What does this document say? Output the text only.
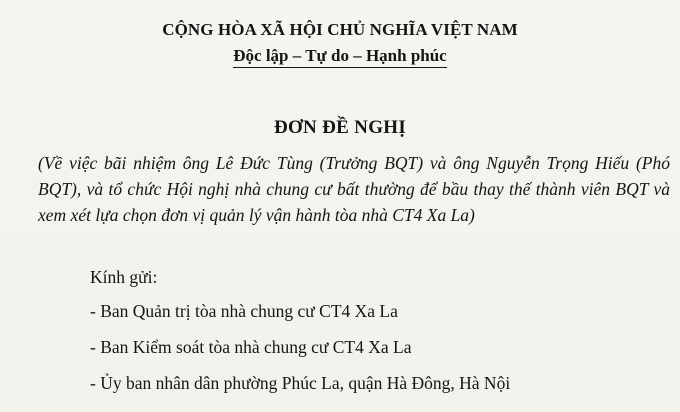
CỘNG HÒA XÃ HỘI CHỦ NGHĨA VIỆT NAM
Độc lập – Tự do – Hạnh phúc
ĐƠN ĐỀ NGHỊ
(Về việc bãi nhiệm ông Lê Đức Tùng (Trưởng BQT) và ông Nguyễn Trọng Hiếu (Phó BQT), và tổ chức Hội nghị nhà chung cư bất thường để bầu thay thế thành viên BQT và xem xét lựa chọn đơn vị quản lý vận hành tòa nhà CT4 Xa La)

Kính gửi:

- Ban Quản trị tòa nhà chung cư CT4 Xa La
- Ban Kiểm soát tòa nhà chung cư CT4 Xa La
- Ủy ban nhân dân phường Phúc La, quận Hà Đông, Hà Nội
